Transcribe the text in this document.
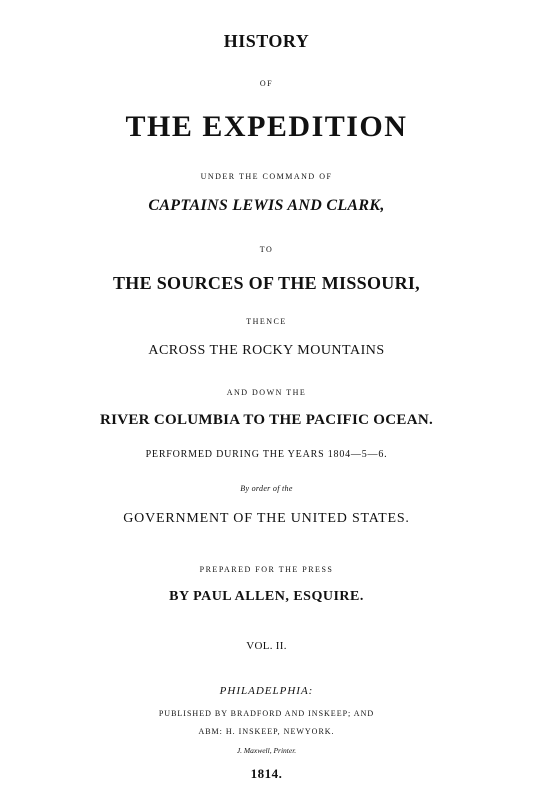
HISTORY
OF
THE EXPEDITION
UNDER THE COMMAND OF
CAPTAINS LEWIS AND CLARK,
TO
THE SOURCES OF THE MISSOURI,
THENCE
ACROSS THE ROCKY MOUNTAINS
AND DOWN THE
RIVER COLUMBIA TO THE PACIFIC OCEAN.
PERFORMED DURING THE YEARS 1804—5—6.
By order of the
GOVERNMENT OF THE UNITED STATES.
PREPARED FOR THE PRESS
BY PAUL ALLEN, ESQUIRE.
VOL. II.
PHILADELPHIA:
PUBLISHED BY BRADFORD AND INSKEEP; AND
ABM: H. INSKEEP, NEWYORK.
J. Maxwell, Printer.
1814.
